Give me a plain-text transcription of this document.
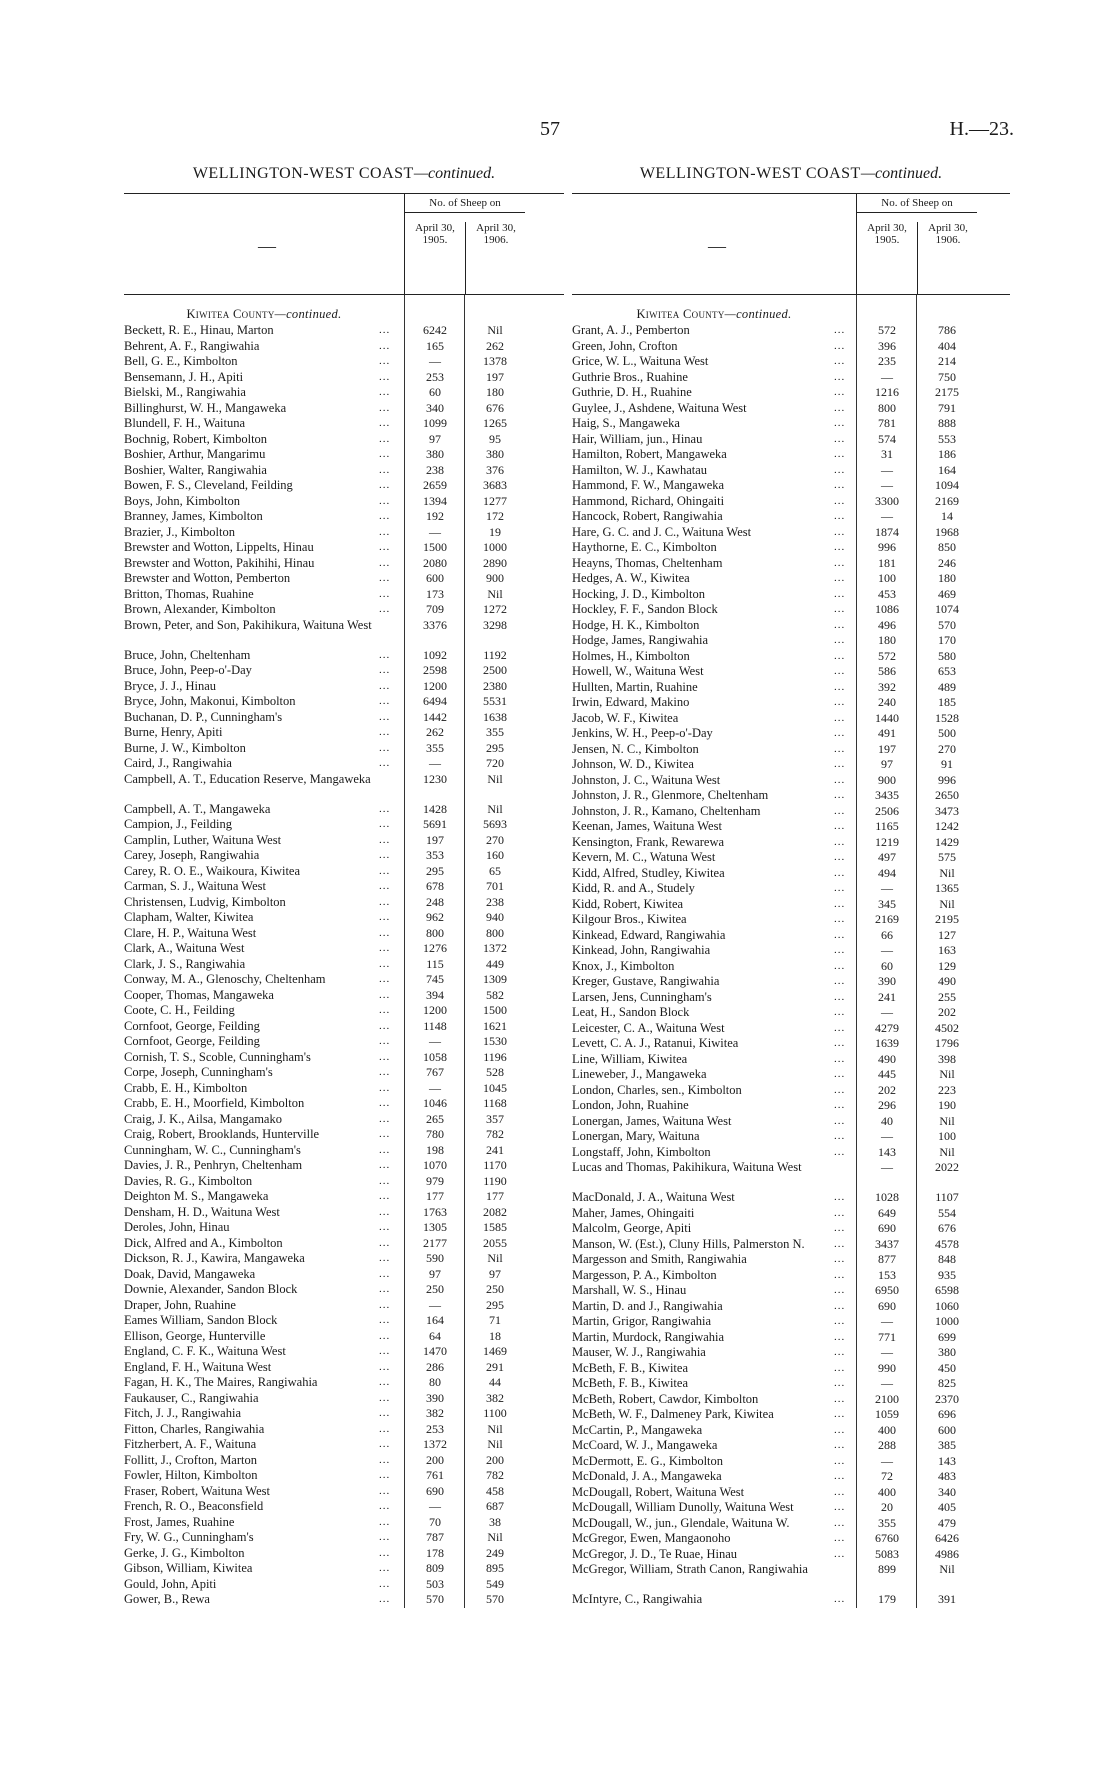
57	H.—23.
WELLINGTON-WEST COAST—continued.
—
No. of Sheep on
April 30, 1905.
April 30, 1906.
Kiwitea County—continued.
Beckett, R. E., Hinau, Marton	...	6242	Nil
Behrent, A. F., Rangiwahia	...	165	262
Bell, G. E., Kimbolton	...	—	1378
Bensemann, J. H., Apiti	...	253	197
Bielski, M., Rangiwahia	...	60	180
Billinghurst, W. H., Mangaweka	...	340	676
Blundell, F. H., Waituna	...	1099	1265
Bochnig, Robert, Kimbolton	...	97	95
Boshier, Arthur, Mangarimu	...	380	380
Boshier, Walter, Rangiwahia	...	238	376
Bowen, F. S., Cleveland, Feilding	...	2659	3683
Boys, John, Kimbolton	...	1394	1277
Branney, James, Kimbolton	...	192	172
Brazier, J., Kimbolton	...	—	19
Brewster and Wotton, Lippelts, Hinau	...	1500	1000
Brewster and Wotton, Pakihihi, Hinau	...	2080	2890
Brewster and Wotton, Pemberton	...	600	900
Britton, Thomas, Ruahine	...	173	Nil
Brown, Alexander, Kimbolton	...	709	1272
Brown, Peter, and Son, Pakihikura, Waituna West	3376	3298
Bruce, John, Cheltenham	...	1092	1192
Bruce, John, Peep-o'-Day	...	2598	2500
Bryce, J. J., Hinau	...	1200	2380
Bryce, John, Makonui, Kimbolton	...	6494	5531
Buchanan, D. P., Cunningham's	...	1442	1638
Burne, Henry, Apiti	...	262	355
Burne, J. W., Kimbolton	...	355	295
Caird, J., Rangiwahia	...	—	720
Campbell, A. T., Education Reserve, Mangaweka	1230	Nil
Campbell, A. T., Mangaweka	...	1428	Nil
Campion, J., Feilding	...	5691	5693
Camplin, Luther, Waituna West	...	197	270
Carey, Joseph, Rangiwahia	...	353	160
Carey, R. O. E., Waikoura, Kiwitea	...	295	65
Carman, S. J., Waituna West	...	678	701
Christensen, Ludvig, Kimbolton	...	248	238
Clapham, Walter, Kiwitea	...	962	940
Clare, H. P., Waituna West	...	800	800
Clark, A., Waituna West	...	1276	1372
Clark, J. S., Rangiwahia	...	115	449
Conway, M. A., Glenoschy, Cheltenham	...	745	1309
Cooper, Thomas, Mangaweka	...	394	582
Coote, C. H., Feilding	...	1200	1500
Cornfoot, George, Feilding	...	1148	1621
Cornfoot, George, Feilding	...	—	1530
Cornish, T. S., Scoble, Cunningham's	...	1058	1196
Corpe, Joseph, Cunningham's	...	767	528
Crabb, E. H., Kimbolton	...	—	1045
Crabb, E. H., Moorfield, Kimbolton	...	1046	1168
Craig, J. K., Ailsa, Mangamako	...	265	357
Craig, Robert, Brooklands, Hunterville	...	780	782
Cunningham, W. C., Cunningham's	...	198	241
Davies, J. R., Penhryn, Cheltenham	...	1070	1170
Davies, R. G., Kimbolton	...	979	1190
Deighton M. S., Mangaweka	...	177	177
Densham, H. D., Waituna West	...	1763	2082
Deroles, John, Hinau	...	1305	1585
Dick, Alfred and A., Kimbolton	...	2177	2055
Dickson, R. J., Kawira, Mangaweka	...	590	Nil
Doak, David, Mangaweka	...	97	97
Downie, Alexander, Sandon Block	...	250	250
Draper, John, Ruahine	...	—	295
Eames William, Sandon Block	...	164	71
Ellison, George, Hunterville	...	64	18
England, C. F. K., Waituna West	...	1470	1469
England, F. H., Waituna West	...	286	291
Fagan, H. K., The Maires, Rangiwahia	...	80	44
Faukauser, C., Rangiwahia	...	390	382
Fitch, J. J., Rangiwahia	...	382	1100
Fitton, Charles, Rangiwahia	...	253	Nil
Fitzherbert, A. F., Waituna	...	1372	Nil
Follitt, J., Crofton, Marton	...	200	200
Fowler, Hilton, Kimbolton	...	761	782
Fraser, Robert, Waituna West	...	690	458
French, R. O., Beaconsfield	...	—	687
Frost, James, Ruahine	...	70	38
Fry, W. G., Cunningham's	...	787	Nil
Gerke, J. G., Kimbolton	...	178	249
Gibson, William, Kiwitea	...	809	895
Gould, John, Apiti	...	503	549
Gower, B., Rewa	...	570	570
WELLINGTON-WEST COAST—continued.
—
No. of Sheep on
April 30, 1905.
April 30, 1906.
Kiwitea County—continued.
Grant, A. J., Pemberton	...	572	786
Green, John, Crofton	...	396	404
Grice, W. L., Waituna West	...	235	214
Guthrie Bros., Ruahine	...	—	750
Guthrie, D. H., Ruahine	...	1216	2175
Guylee, J., Ashdene, Waituna West	...	800	791
Haig, S., Mangaweka	...	781	888
Hair, William, jun., Hinau	...	574	553
Hamilton, Robert, Mangaweka	...	31	186
Hamilton, W. J., Kawhatau	...	—	164
Hammond, F. W., Mangaweka	...	—	1094
Hammond, Richard, Ohingaiti	...	3300	2169
Hancock, Robert, Rangiwahia	...	—	14
Hare, G. C. and J. C., Waituna West	...	1874	1968
Haythorne, E. C., Kimbolton	...	996	850
Heayns, Thomas, Cheltenham	...	181	246
Hedges, A. W., Kiwitea	...	100	180
Hocking, J. D., Kimbolton	...	453	469
Hockley, F. F., Sandon Block	...	1086	1074
Hodge, H. K., Kimbolton	...	496	570
Hodge, James, Rangiwahia	...	180	170
Holmes, H., Kimbolton	...	572	580
Howell, W., Waituna West	...	586	653
Hullten, Martin, Ruahine	...	392	489
Irwin, Edward, Makino	...	240	185
Jacob, W. F., Kiwitea	...	1440	1528
Jenkins, W. H., Peep-o'-Day	...	491	500
Jensen, N. C., Kimbolton	...	197	270
Johnson, W. D., Kiwitea	...	97	91
Johnston, J. C., Waituna West	...	900	996
Johnston, J. R., Glenmore, Cheltenham	...	3435	2650
Johnston, J. R., Kamano, Cheltenham	...	2506	3473
Keenan, James, Waituna West	...	1165	1242
Kensington, Frank, Rewarewa	...	1219	1429
Kevern, M. C., Watuna West	...	497	575
Kidd, Alfred, Studley, Kiwitea	...	494	Nil
Kidd, R. and A., Studely	...	—	1365
Kidd, Robert, Kiwitea	...	345	Nil
Kilgour Bros., Kiwitea	...	2169	2195
Kinkead, Edward, Rangiwahia	...	66	127
Kinkead, John, Rangiwahia	...	—	163
Knox, J., Kimbolton	...	60	129
Kreger, Gustave, Rangiwahia	...	390	490
Larsen, Jens, Cunningham's	...	241	255
Leat, H., Sandon Block	...	—	202
Leicester, C. A., Waituna West	...	4279	4502
Levett, C. A. J., Ratanui, Kiwitea	...	1639	1796
Line, William, Kiwitea	...	490	398
Lineweber, J., Mangaweka	...	445	Nil
London, Charles, sen., Kimbolton	...	202	223
London, John, Ruahine	...	296	190
Lonergan, James, Waituna West	...	40	Nil
Lonergan, Mary, Waituna	...	—	100
Longstaff, John, Kimbolton	...	143	Nil
Lucas and Thomas, Pakihikura, Waituna West	—	2022
MacDonald, J. A., Waituna West	...	1028	1107
Maher, James, Ohingaiti	...	649	554
Malcolm, George, Apiti	...	690	676
Manson, W. (Est.), Cluny Hills, Palmerston N.	...	3437	4578
Margesson and Smith, Rangiwahia	...	877	848
Margesson, P. A., Kimbolton	...	153	935
Marshall, W. S., Hinau	...	6950	6598
Martin, D. and J., Rangiwahia	...	690	1060
Martin, Grigor, Rangiwahia	...	—	1000
Martin, Murdock, Rangiwahia	...	771	699
Mauser, W. J., Rangiwahia	...	—	380
McBeth, F. B., Kiwitea	...	990	450
McBeth, F. B., Kiwitea	...	—	825
McBeth, Robert, Cawdor, Kimbolton	...	2100	2370
McBeth, W. F., Dalmeney Park, Kiwitea	...	1059	696
McCartin, P., Mangaweka	...	400	600
McCoard, W. J., Mangaweka	...	288	385
McDermott, E. G., Kimbolton	...	—	143
McDonald, J. A., Mangaweka	...	72	483
McDougall, Robert, Waituna West	...	400	340
McDougall, William Dunolly, Waituna West	...	20	405
McDougall, W., jun., Glendale, Waituna W.	...	355	479
McGregor, Ewen, Mangaonoho	...	6760	6426
McGregor, J. D., Te Ruae, Hinau	...	5083	4986
McGregor, William, Strath Canon, Rangiwahia	899	Nil
McIntyre, C., Rangiwahia	...	179	391
